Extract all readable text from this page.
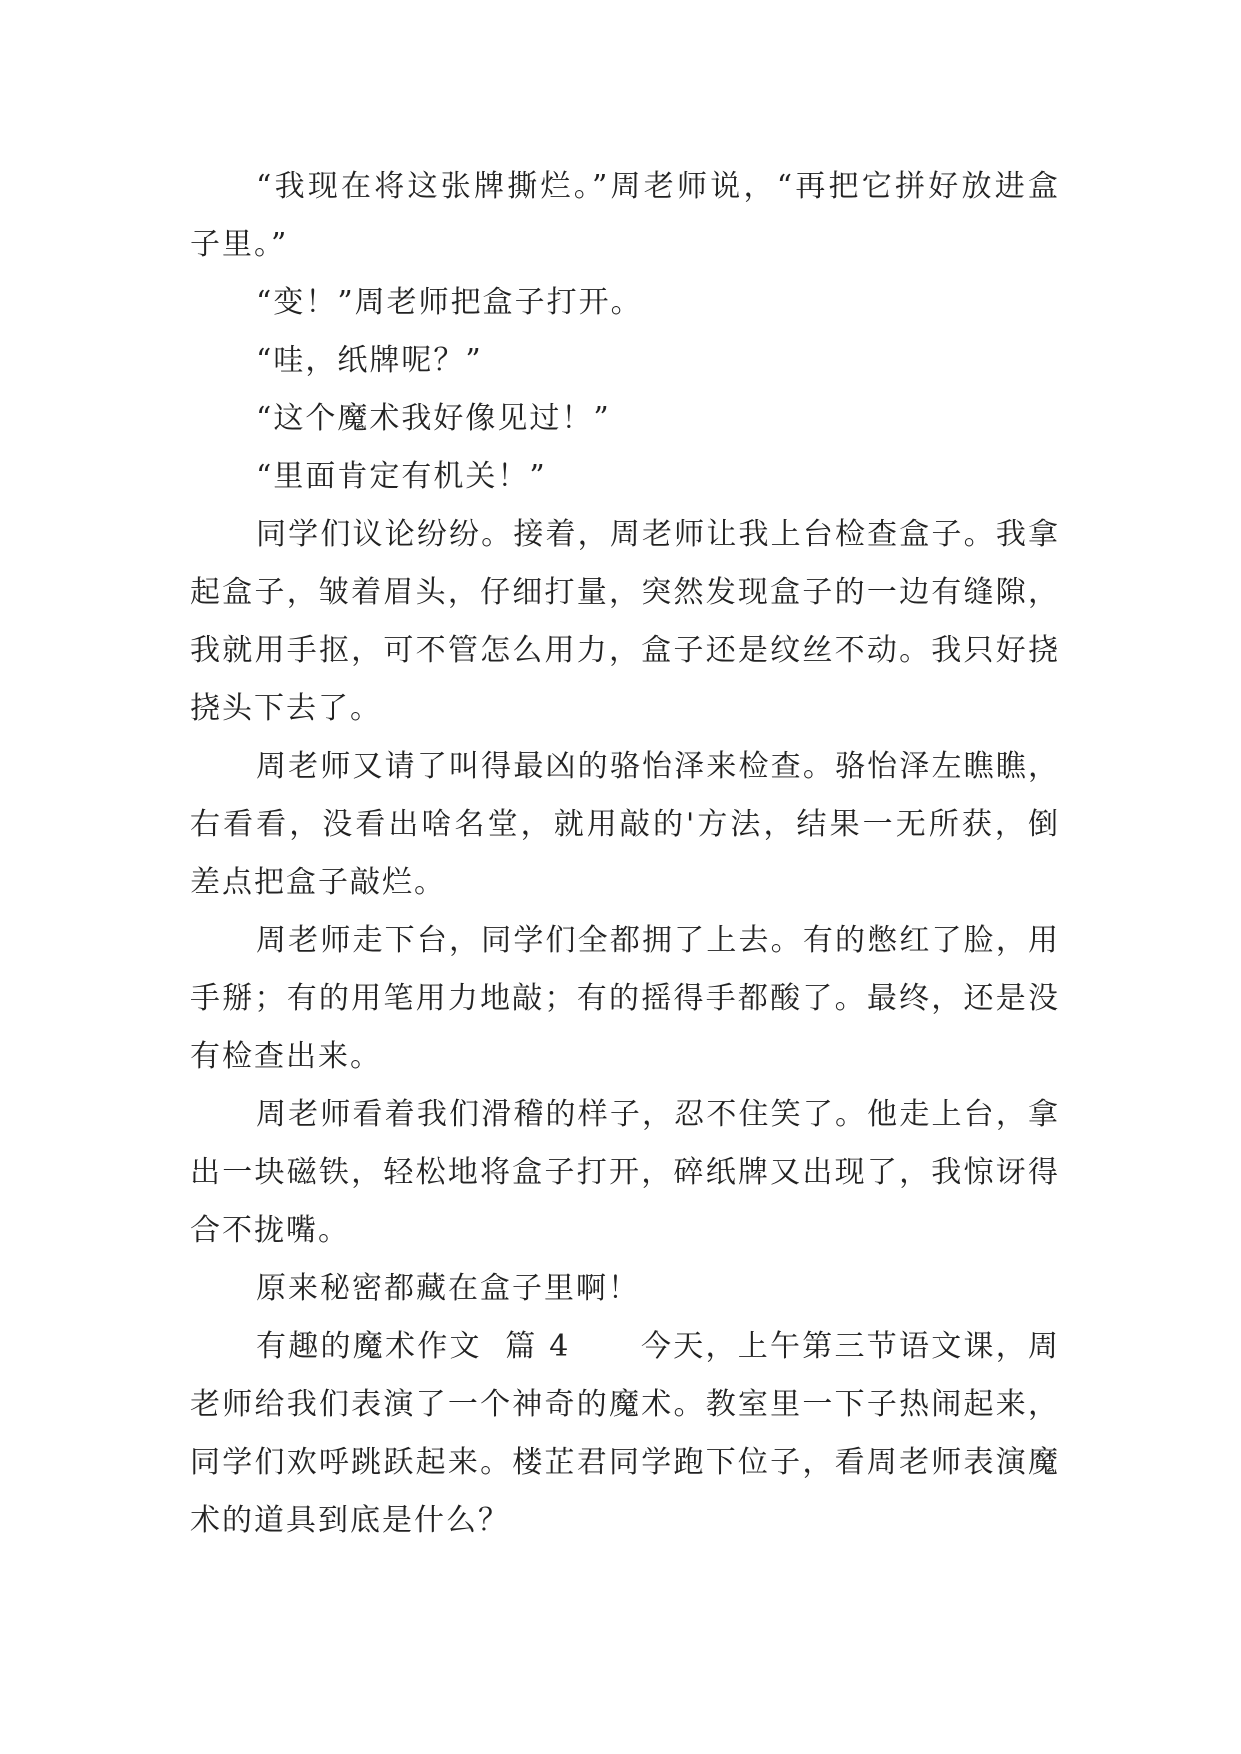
“我现在将这张牌撕烂。”周老师说，“再把它拼好放进盒子里。”

“变！”周老师把盒子打开。

“哇，纸牌呢？”

“这个魔术我好像见过！”

“里面肯定有机关！”

同学们议论纷纷。接着，周老师让我上台检查盒子。我拿起盒子，皱着眉头，仔细打量，突然发现盒子的一边有缝隙，我就用手抠，可不管怎么用力，盒子还是纹丝不动。我只好挠挠头下去了。

周老师又请了叫得最凶的骆怡泽来检查。骆怡泽左瞧瞧，右看看，没看出啥名堂，就用敲的'方法，结果一无所获，倒差点把盒子敲烂。

周老师走下台，同学们全都拥了上去。有的憋红了脸，用手掰；有的用笔用力地敲；有的摇得手都酸了。最终，还是没有检查出来。

周老师看着我们滑稽的样子，忍不住笑了。他走上台，拿出一块磁铁，轻松地将盒子打开，碎纸牌又出现了，我惊讶得合不拢嘴。

原来秘密都藏在盒子里啊！

有趣的魔术作文  篇 4      今天，上午第三节语文课，周老师给我们表演了一个神奇的魔术。教室里一下子热闹起来，同学们欢呼跳跃起来。楼芷君同学跑下位子，看周老师表演魔术的道具到底是什么？
